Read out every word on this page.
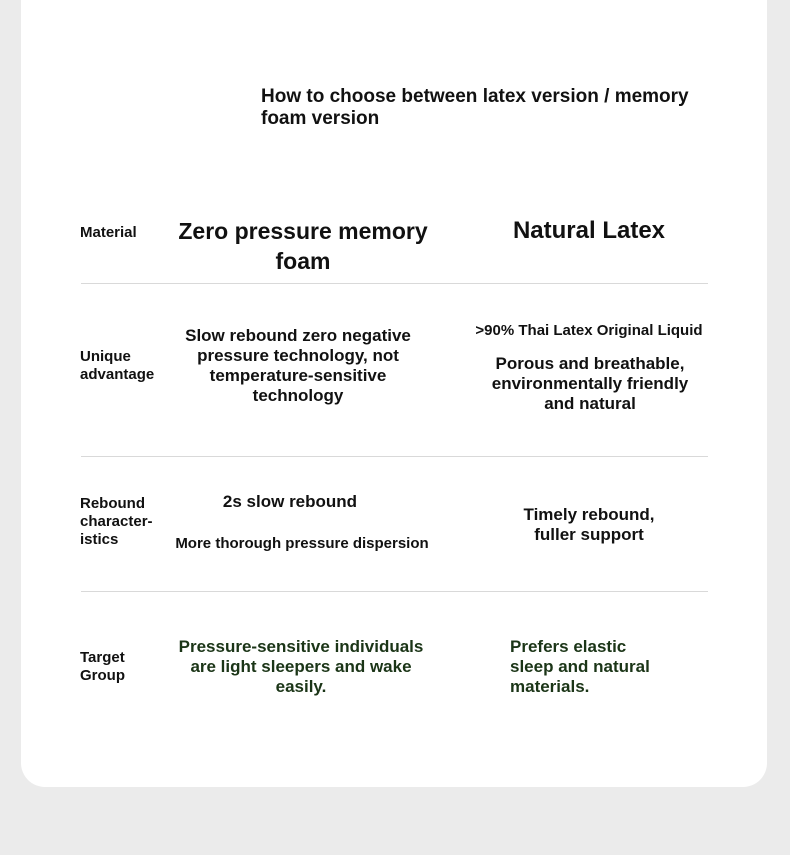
How to choose between latex version / memory foam version
Material	Zero pressure memory foam
Natural Latex
Unique
advantage
Slow rebound zero negative pressure technology, not temperature-sensitive technology
>90% Thai Latex Original Liquid
Porous and breathable, environmentally friendly and natural
Rebound
character-
istics
2s slow rebound
More thorough pressure dispersion
Timely rebound, fuller support
Target
Group
Pressure-sensitive individuals are light sleepers and wake easily.
Prefers elastic sleep and natural materials.
